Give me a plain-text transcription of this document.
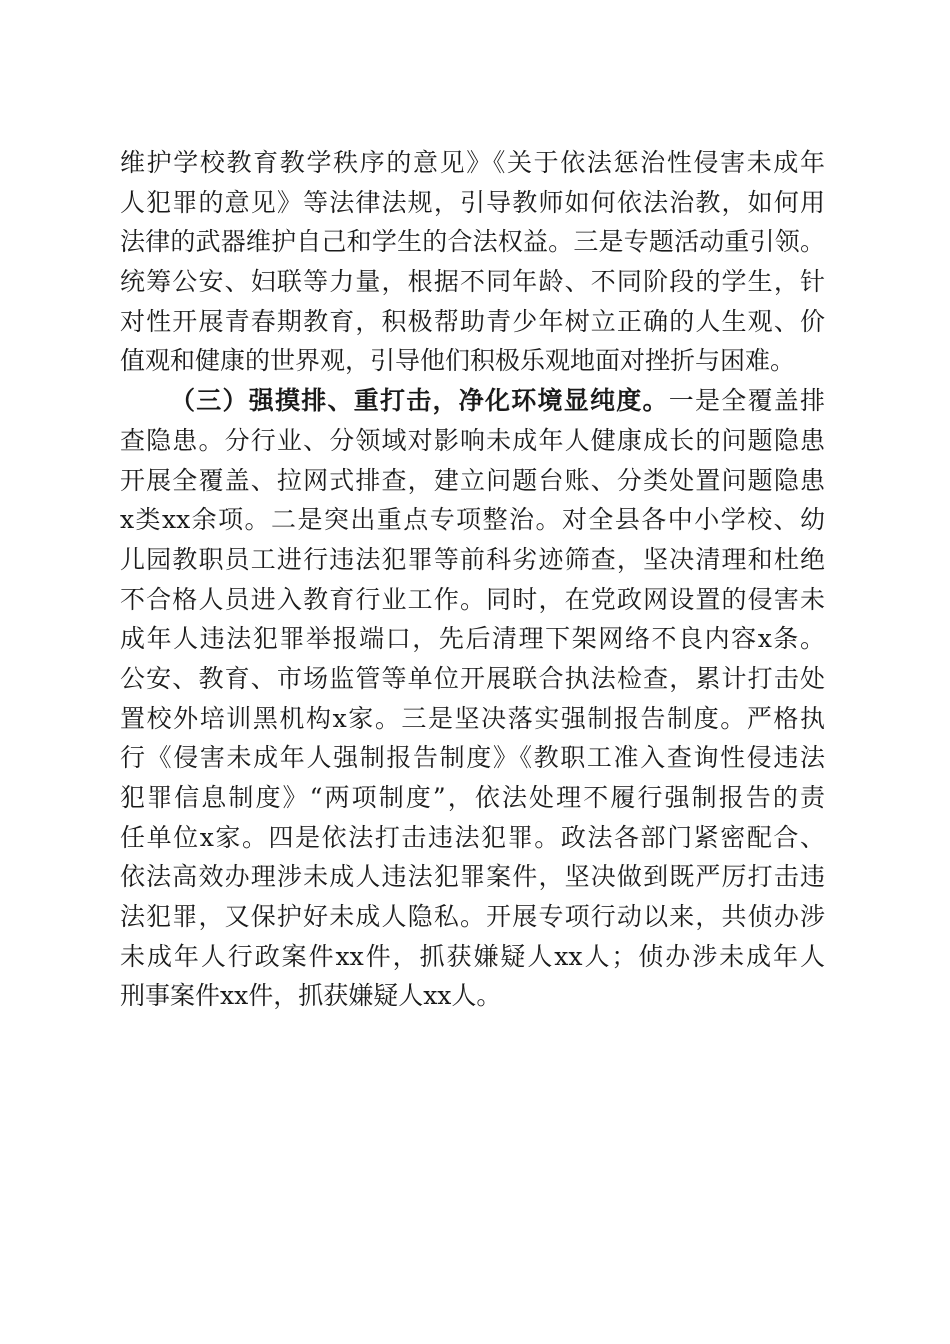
维护学校教育教学秩序的意见》《关于依法惩治性侵害未成年
人犯罪的意见》等法律法规，引导教师如何依法治教，如何用
法律的武器维护自己和学生的合法权益。三是专题活动重引领。
统筹公安、妇联等力量，根据不同年龄、不同阶段的学生，针
对性开展青春期教育，积极帮助青少年树立正确的人生观、价
值观和健康的世界观，引导他们积极乐观地面对挫折与困难。
（三）强摸排、重打击，净化环境显纯度。一是全覆盖排
查隐患。分行业、分领域对影响未成年人健康成长的问题隐患
开展全覆盖、拉网式排查，建立问题台账、分类处置问题隐患
x类xx余项。二是突出重点专项整治。对全县各中小学校、幼
儿园教职员工进行违法犯罪等前科劣迹筛查，坚决清理和杜绝
不合格人员进入教育行业工作。同时，在党政网设置的侵害未
成年人违法犯罪举报端口，先后清理下架网络不良内容x条。
公安、教育、市场监管等单位开展联合执法检查，累计打击处
置校外培训黑机构x家。三是坚决落实强制报告制度。严格执
行《侵害未成年人强制报告制度》《教职工准入查询性侵违法
犯罪信息制度》“两项制度”，依法处理不履行强制报告的责
任单位x家。四是依法打击违法犯罪。政法各部门紧密配合、
依法高效办理涉未成人违法犯罪案件，坚决做到既严厉打击违
法犯罪，又保护好未成人隐私。开展专项行动以来，共侦办涉
未成年人行政案件xx件，抓获嫌疑人xx人；侦办涉未成年人
刑事案件xx件，抓获嫌疑人xx人。
